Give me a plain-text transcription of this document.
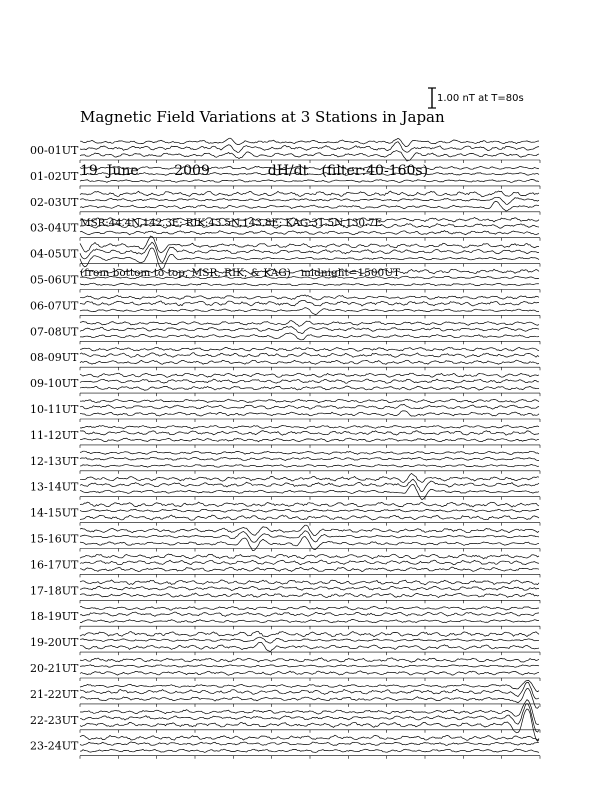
Magnetic Field Variations at 3 Stations in Japan

19  June        2009             dH/dt   (filter:40-160s)

MSR:44.4N,142.3E; RIK:43.5N,143.8E; KAG:31.5N,130.7E

(from bottom to top, MSR, RIK, & KAG)   midnight=1500UT

1.00 nT at T=80s
00-01UT
01-02UT
02-03UT
03-04UT
04-05UT
05-06UT
06-07UT
07-08UT
08-09UT
09-10UT
10-11UT
11-12UT
12-13UT
13-14UT
14-15UT
15-16UT
16-17UT
17-18UT
18-19UT
19-20UT
20-21UT
21-22UT
22-23UT
23-24UT
